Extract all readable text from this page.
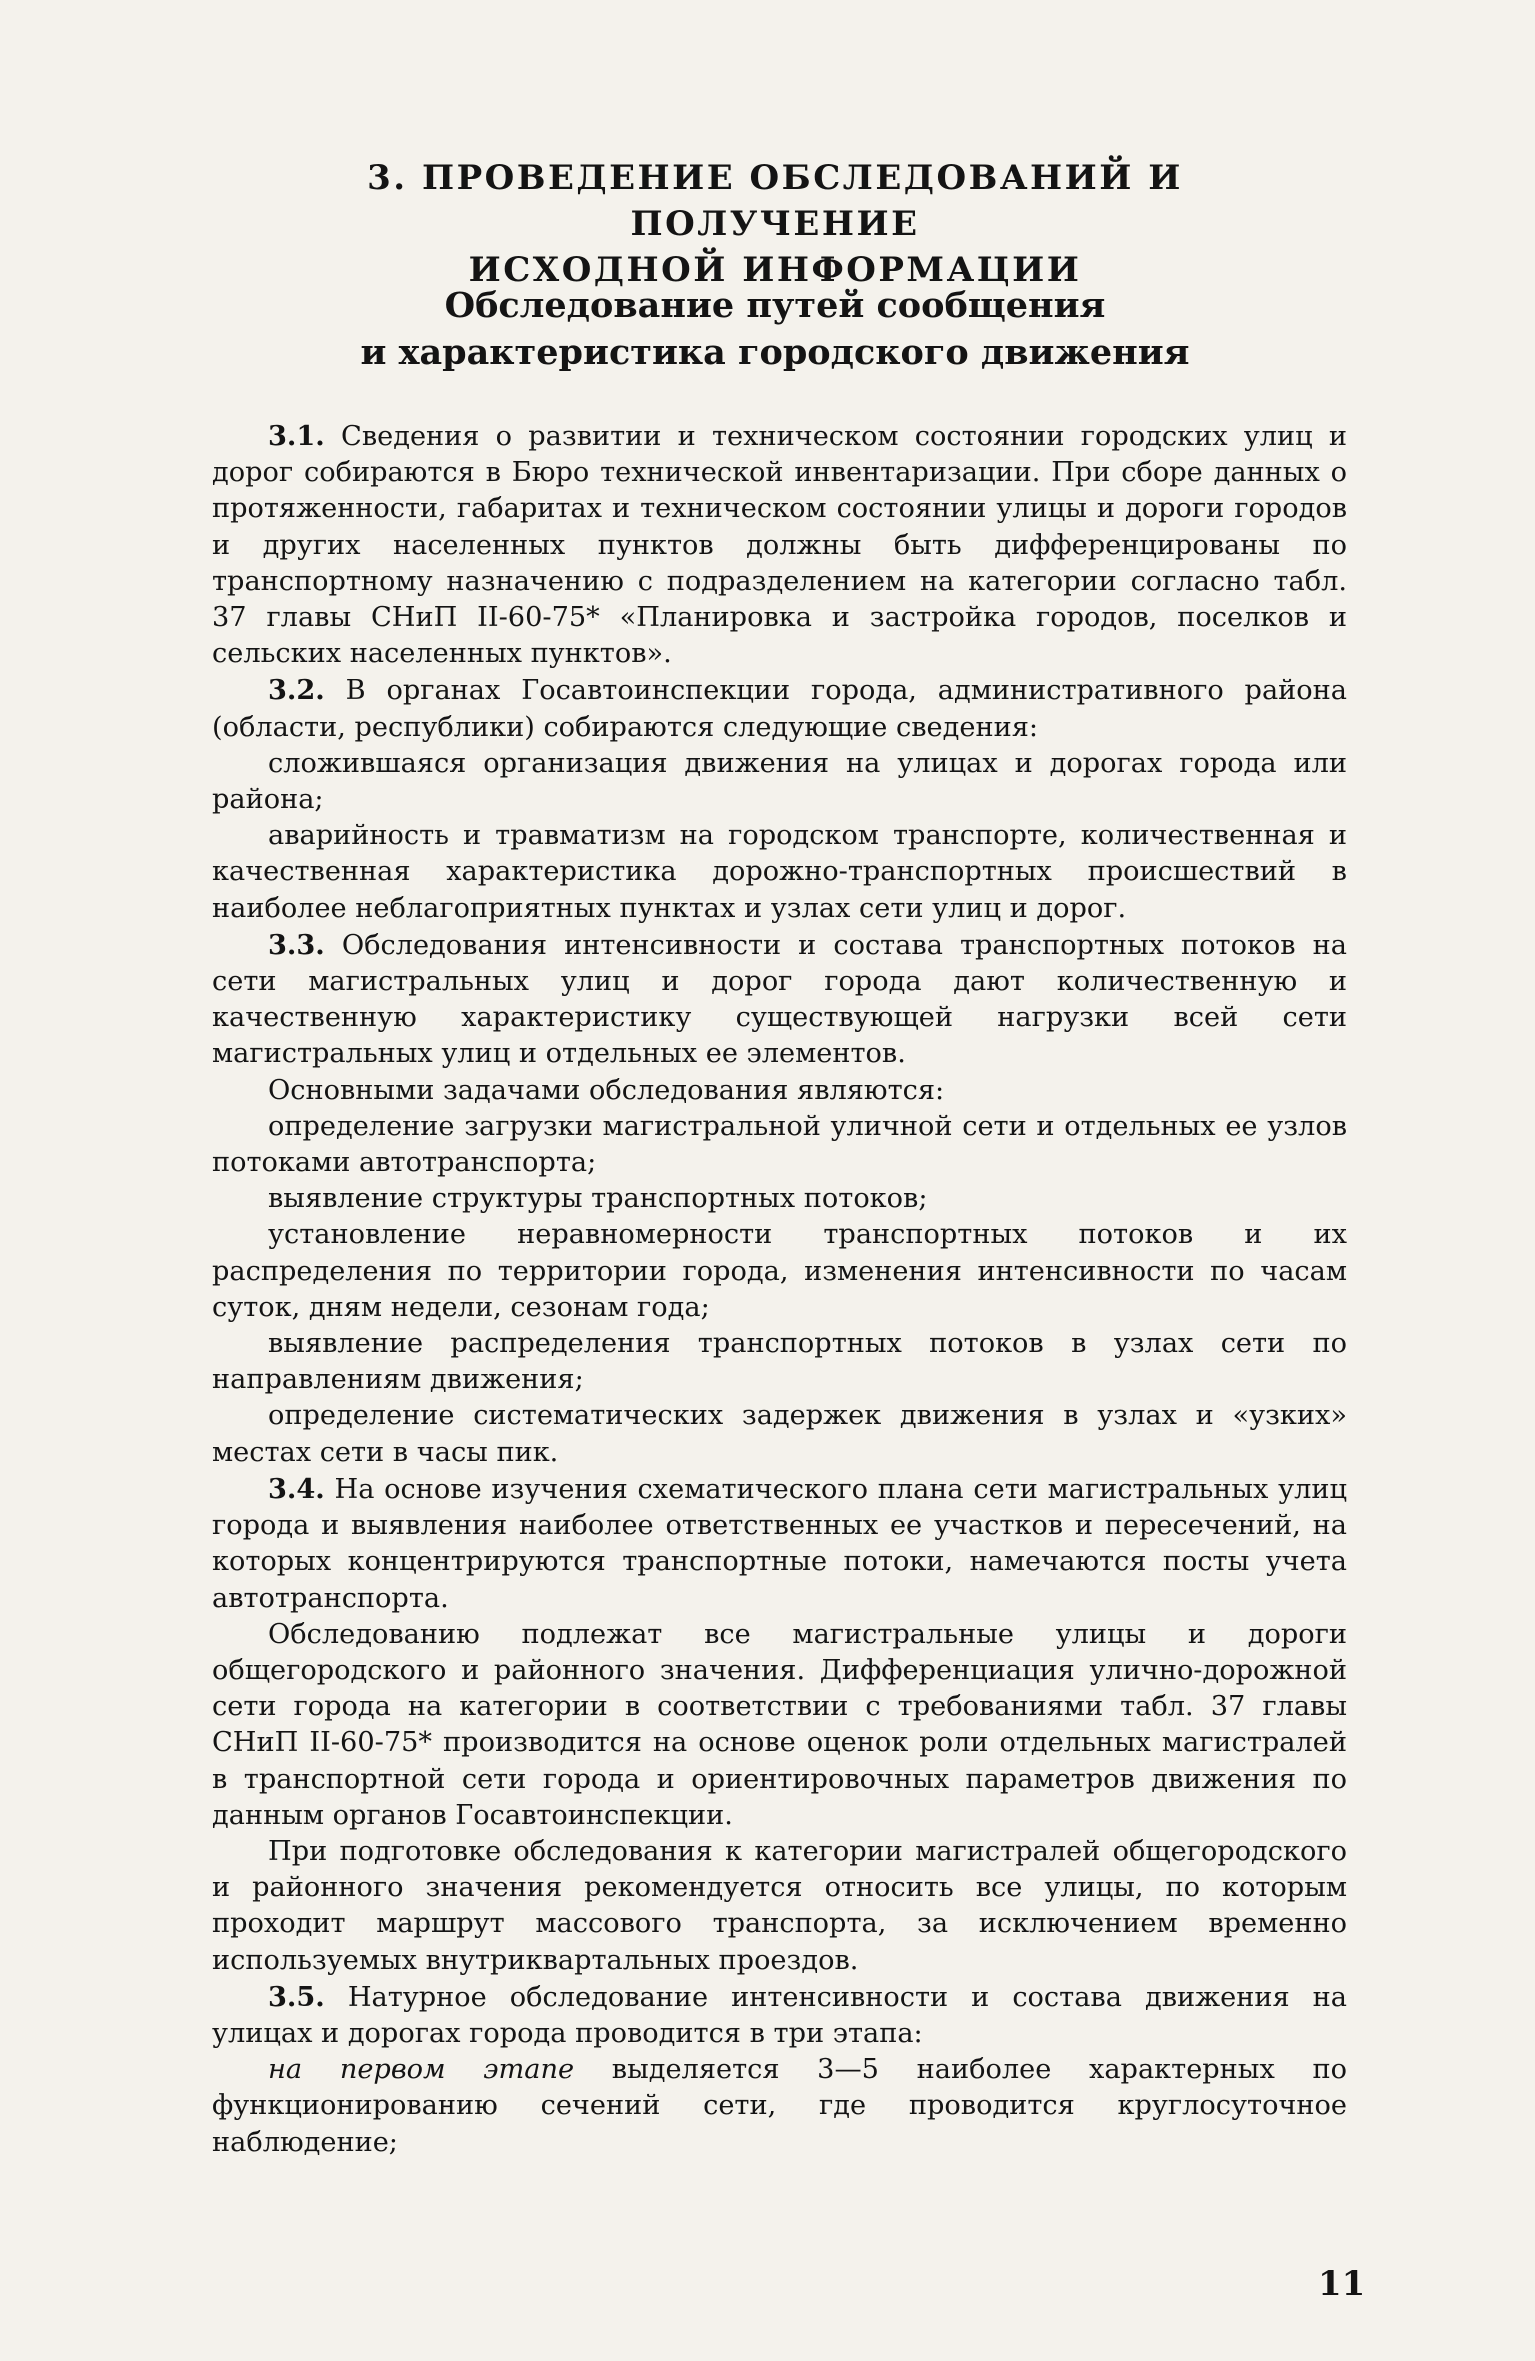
3. ПРОВЕДЕНИЕ ОБСЛЕДОВАНИЙ И ПОЛУЧЕНИЕ
ИСХОДНОЙ ИНФОРМАЦИИ
Обследование путей сообщения
и характеристика городского движения

3.1. Сведения о развитии и техническом состоянии городских улиц и дорог собираются в Бюро технической инвентаризации. При сборе данных о протяженности, габаритах и техническом состоянии улицы и дороги городов и других населенных пунктов должны быть дифференцированы по транспортному назначению с подразделением на категории согласно табл. 37 главы СНиП II-60-75* «Планировка и застройка городов, поселков и сельских населенных пунктов».

3.2. В органах Госавтоинспекции города, административного района (области, республики) собираются следующие сведения:

сложившаяся организация движения на улицах и дорогах города или района;

аварийность и травматизм на городском транспорте, количественная и качественная характеристика дорожно-транспортных происшествий в наиболее неблагоприятных пунктах и узлах сети улиц и дорог.

3.3. Обследования интенсивности и состава транспортных потоков на сети магистральных улиц и дорог города дают количественную и качественную характеристику существующей нагрузки всей сети магистральных улиц и отдельных ее элементов.

Основными задачами обследования являются:

определение загрузки магистральной уличной сети и отдельных ее узлов потоками автотранспорта;

выявление структуры транспортных потоков;

установление неравномерности транспортных потоков и их распределения по территории города, изменения интенсивности по часам суток, дням недели, сезонам года;

выявление распределения транспортных потоков в узлах сети по направлениям движения;

определение систематических задержек движения в узлах и «узких» местах сети в часы пик.

3.4. На основе изучения схематического плана сети магистральных улиц города и выявления наиболее ответственных ее участков и пересечений, на которых концентрируются транспортные потоки, намечаются посты учета автотранспорта.

Обследованию подлежат все магистральные улицы и дороги общегородского и районного значения. Дифференциация улично-дорожной сети города на категории в соответствии с требованиями табл. 37 главы СНиП II-60-75* производится на основе оценок роли отдельных магистралей в транспортной сети города и ориентировочных параметров движения по данным органов Госавтоинспекции.

При подготовке обследования к категории магистралей общегородского и районного значения рекомендуется относить все улицы, по которым проходит маршрут массового транспорта, за исключением временно используемых внутриквартальных проездов.

3.5. Натурное обследование интенсивности и состава движения на улицах и дорогах города проводится в три этапа:

на первом этапе выделяется 3—5 наиболее характерных по функционированию сечений сети, где проводится круглосуточное наблюдение;

11
